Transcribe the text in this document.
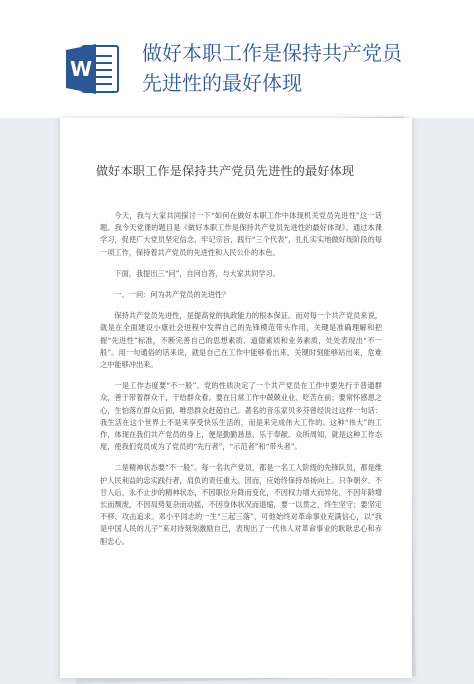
W
做好本职工作是保持共产党员
先进性的最好体现
做好本职工作是保持共产党员先进性的最好体现

今天，我与大家共同探讨一下“如何在做好本职工作中体现机关党员先进性”这一话题。我今天党课的题目是《做好本职工作是保持共产党员先进性的最好体现》。通过本课学习，促使广大党员坚定信念，牢记宗旨，践行“三个代表”，扎扎实实地做好现阶段的每一项工作，保持着共产党员的先进性和人民公仆的本色。

下面，我提出三“问”，自问自答，与大家共同学习。

一、一问：何为共产党员的先进性？

保持共产党员先进性，是提高党的执政能力的根本保证。而对每一个共产党员来说，就是在全面建设小康社会进程中发挥自己的先锋模范带头作用，关键是准确理解和把握“先进性”标准，不断完善自己的思想素质、道德素质和业务素质，处处表现出“不一般”。用一句通俗的话来说，就是自己在工作中能够看出来，关键时刻能够站出来，危难之中能够冲出来。

一是工作态度要“不一般”。党的性质决定了一个共产党员在工作中要先行于普通群众，善于带着群众干，干给群众看。要在日常工作中兢兢业业、吃苦在前；要常怀感恩之心，生怕落在群众后面，唯恐群众赶超自己。著名的音乐家贝多芬曾经说过这样一句话：我生活在这个世界上不是来享受快乐生活的，而是来完成伟大工作的。这种“伟大”的工作，体现在我们共产党员的身上，便是勤勤恳恳、乐于奉献。众所周知，就是这种工作态度，使我们党员成为了党员的“先行者”，“示范者”和“带头者”。

二是精神状态要“不一般”。每一名共产党员，都是一名工人阶级的先锋队员，都是维护人民利益的忠实践行者，肩负的责任重大。因而，应始终保持昂扬向上、只争朝夕、不甘人后、永不止步的精神状态，不因职位升降而变化，不因权力增大而异化，不因年龄增长而颓废，不因局势复杂而动摇，不因身体状况而退缩，要一以贯之，终生坚守；要坚定不移、攻击追求。邓小平同志的一生“三起三落”，可他始终对革命事业充满信心，以“我是中国人民的儿子”来对待刻刻激励自己，表现出了一代伟人对革命事业的耿耿忠心和赤胆忠心。
